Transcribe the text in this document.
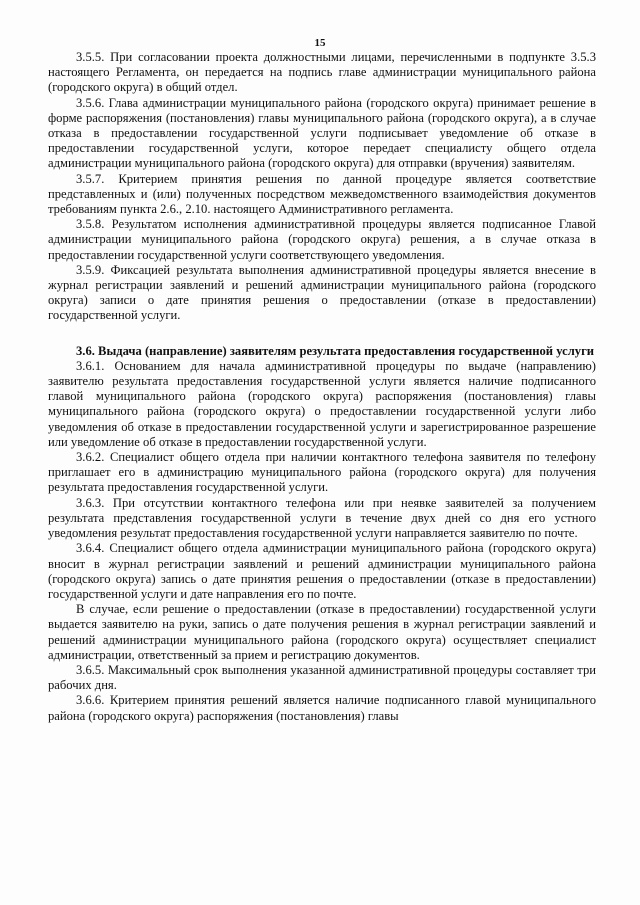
15

3.5.5. При согласовании проекта должностными лицами, перечисленными в подпункте 3.5.3 настоящего Регламента, он передается на подпись главе администрации муниципального района (городского округа) в общий отдел.

3.5.6. Глава администрации муниципального района (городского округа) принимает решение в форме распоряжения (постановления) главы муниципального района (городского округа), а в случае отказа в предоставлении государственной услуги подписывает уведомление об отказе в предоставлении государственной услуги, которое передает специалисту общего отдела администрации муниципального района (городского округа) для отправки (вручения) заявителям.

3.5.7. Критерием принятия решения по данной процедуре является соответствие представленных и (или) полученных посредством межведомственного взаимодействия документов требованиям пункта 2.6., 2.10. настоящего Административного регламента.

3.5.8. Результатом исполнения административной процедуры является подписанное Главой администрации муниципального района (городского округа) решения, а в случае отказа в предоставлении государственной услуги соответствующего уведомления.

3.5.9. Фиксацией результата выполнения административной процедуры является внесение в журнал регистрации заявлений и решений администрации муниципального района (городского округа) записи о дате принятия решения о предоставлении (отказе в предоставлении) государственной услуги.

3.6. Выдача (направление) заявителям результата предоставления государственной услуги

3.6.1. Основанием для начала административной процедуры по выдаче (направлению) заявителю результата предоставления государственной услуги является наличие подписанного главой муниципального района (городского округа) распоряжения (постановления) главы муниципального района (городского округа) о предоставлении государственной услуги либо уведомления об отказе в предоставлении государственной услуги и зарегистрированное разрешение или уведомление об отказе в предоставлении государственной услуги.

3.6.2. Специалист общего отдела при наличии контактного телефона заявителя по телефону приглашает его в администрацию муниципального района (городского округа) для получения результата предоставления государственной услуги.

3.6.3. При отсутствии контактного телефона или при неявке заявителей за получением результата представления государственной услуги в течение двух дней со дня его устного уведомления результат предоставления государственной услуги направляется заявителю по почте.

3.6.4. Специалист общего отдела администрации муниципального района (городского округа) вносит в журнал регистрации заявлений и решений администрации муниципального района (городского округа) запись о дате принятия решения о предоставлении (отказе в предоставлении) государственной услуги и дате направления его по почте.

В случае, если решение о предоставлении (отказе в предоставлении) государственной услуги выдается заявителю на руки, запись о дате получения решения в журнал регистрации заявлений и решений администрации муниципального района (городского округа) осуществляет специалист администрации, ответственный за прием и регистрацию документов.

3.6.5. Максимальный срок выполнения указанной административной процедуры составляет три рабочих дня.

3.6.6. Критерием принятия решений является наличие подписанного главой муниципального района (городского округа) распоряжения (постановления) главы
